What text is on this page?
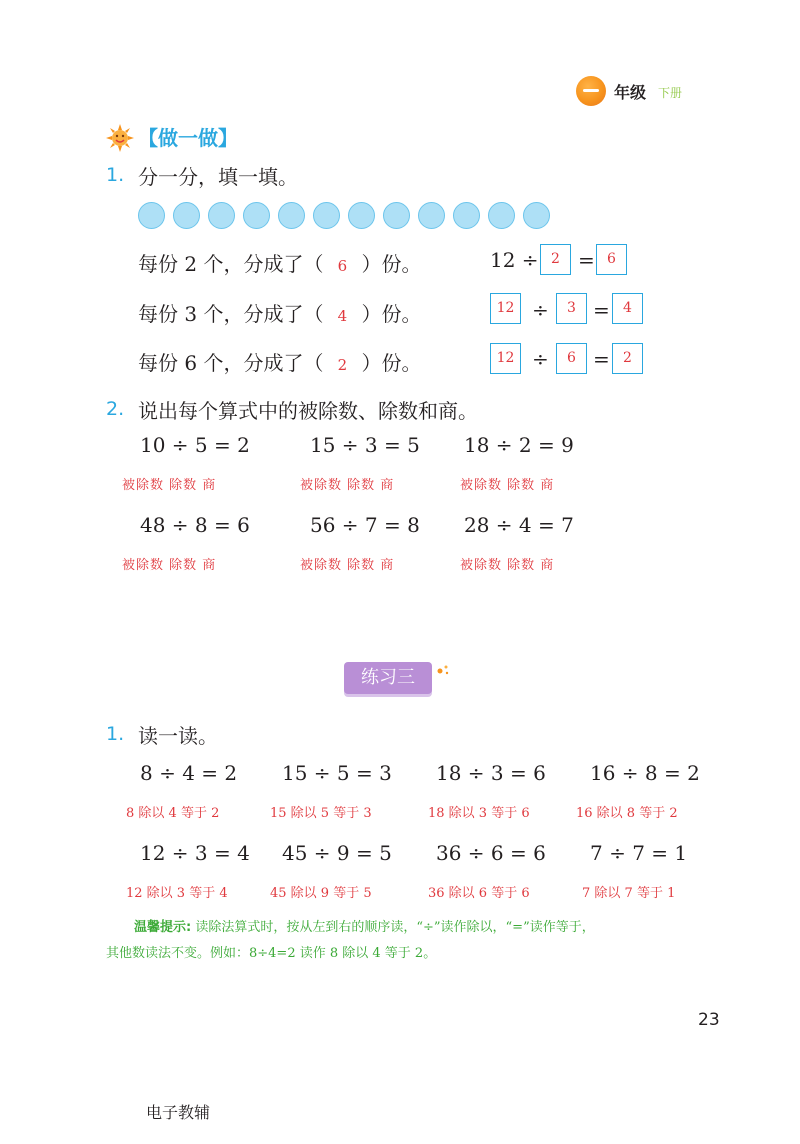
年级 下册
【做一做】
1. 分一分，填一填。
每份 2 个，分成了（ 6 ）份。	12 ÷ 2 = 6
每份 3 个，分成了（ 4 ）份。	12 ÷	3 = 4
每份 6 个，分成了（ 2 ）份。	12 ÷	6 = 2
2. 说出每个算式中的被除数、除数和商。
10 ÷ 5 = 2	15 ÷ 3 = 5 18 ÷ 2 = 9
被除数 除数 商	被除数 除数 商	被除数 除数 商
48 ÷ 8 = 6	56 ÷ 7 = 8 28 ÷ 4 = 7
被除数 除数 商	被除数 除数 商	被除数 除数 商
练习三
1. 读一读。
8 ÷ 4 = 2 15 ÷ 5 = 3 18 ÷ 3 = 6 16 ÷ 8 = 2
8 除以 4 等于 2	15 除以 5 等于 3	18 除以 3 等于 6	16 除以 8 等于 2
12 ÷ 3 = 4 45 ÷ 9 = 5 36 ÷ 6 = 6 7 ÷ 7 = 1
12 除以 3 等于 4	45 除以 9 等于 5	36 除以 6 等于 6	7 除以 7 等于 1
温馨提示: 读除法算式时，按从左到右的顺序读，“÷”读作除以，“=”读作等于，
其他数读法不变。例如：8÷4=2 读作 8 除以 4 等于 2。
23
电子教辅
